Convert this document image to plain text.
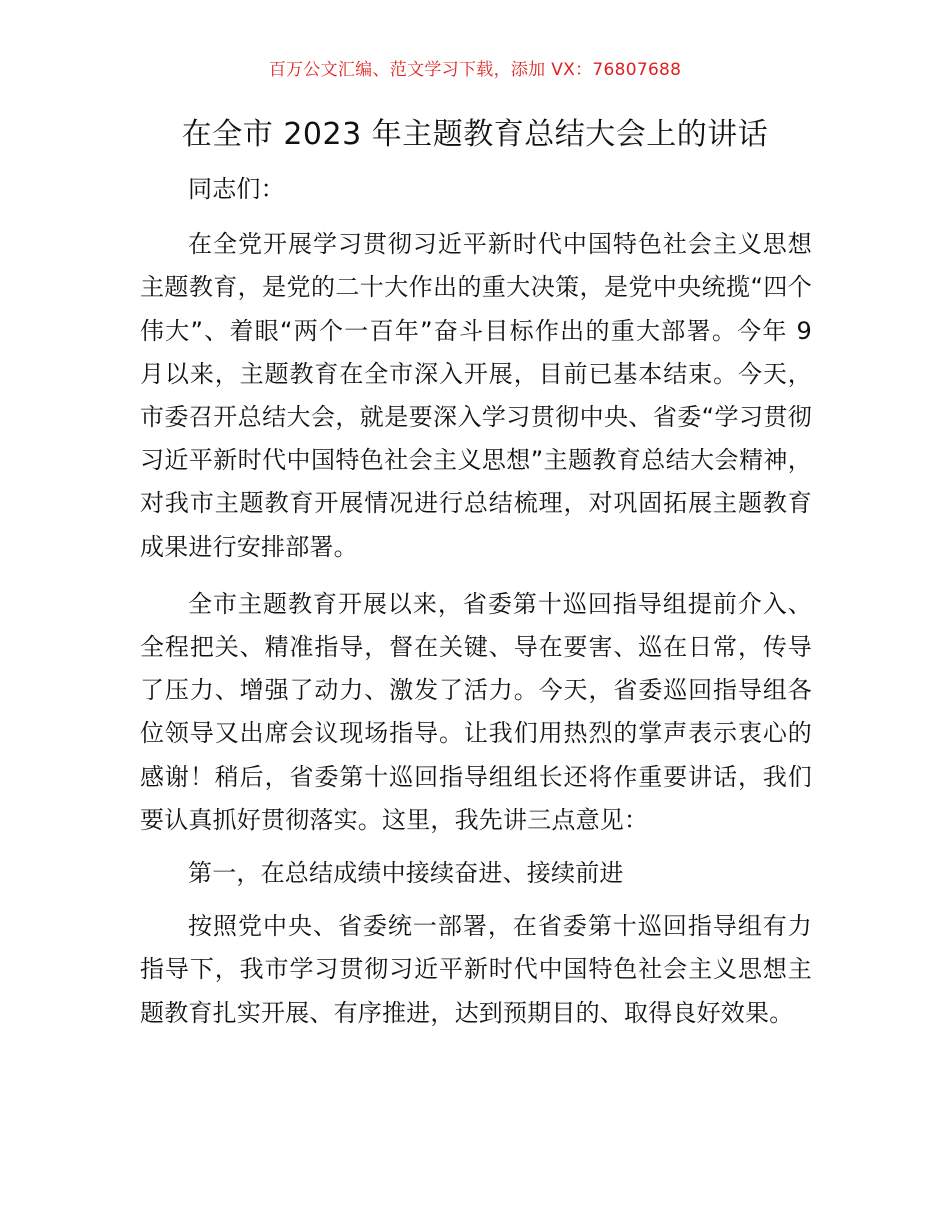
百万公文汇编、范文学习下载，添加 VX：76807688
在全市 2023 年主题教育总结大会上的讲话

同志们：

在全党开展学习贯彻习近平新时代中国特色社会主义思想主题教育，是党的二十大作出的重大决策，是党中央统揽“四个伟大”、着眼“两个一百年”奋斗目标作出的重大部署。今年 9 月以来，主题教育在全市深入开展，目前已基本结束。今天，市委召开总结大会，就是要深入学习贯彻中央、省委“学习贯彻习近平新时代中国特色社会主义思想”主题教育总结大会精神，对我市主题教育开展情况进行总结梳理，对巩固拓展主题教育成果进行安排部署。

全市主题教育开展以来，省委第十巡回指导组提前介入、全程把关、精准指导，督在关键、导在要害、巡在日常，传导了压力、增强了动力、激发了活力。今天，省委巡回指导组各位领导又出席会议现场指导。让我们用热烈的掌声表示衷心的感谢！稍后，省委第十巡回指导组组长还将作重要讲话，我们要认真抓好贯彻落实。这里，我先讲三点意见：

第一，在总结成绩中接续奋进、接续前进

按照党中央、省委统一部署，在省委第十巡回指导组有力指导下，我市学习贯彻习近平新时代中国特色社会主义思想主题教育扎实开展、有序推进，达到预期目的、取得良好效果。
